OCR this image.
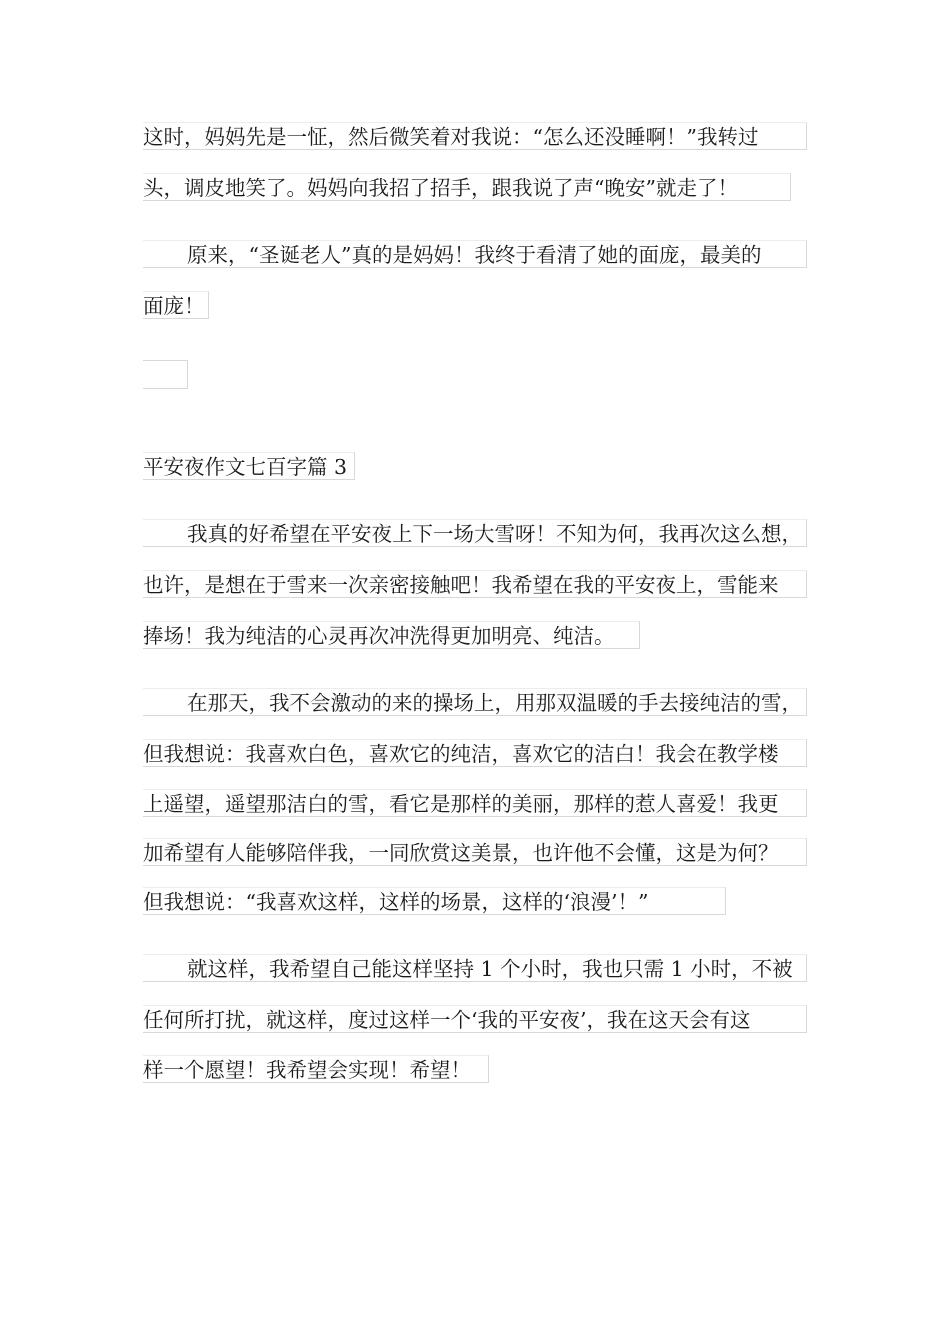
这时，妈妈先是一怔，然后微笑着对我说：“怎么还没睡啊！”我转过
头，调皮地笑了。妈妈向我招了招手，跟我说了声“晚安”就走了！
原来，“圣诞老人”真的是妈妈！我终于看清了她的面庞，最美的
面庞！
平安夜作文七百字篇 3
我真的好希望在平安夜上下一场大雪呀！不知为何，我再次这么想，
也许，是想在于雪来一次亲密接触吧！我希望在我的平安夜上，雪能来
捧场！我为纯洁的心灵再次冲洗得更加明亮、纯洁。
在那天，我不会激动的来的操场上，用那双温暖的手去接纯洁的雪，
但我想说：我喜欢白色，喜欢它的纯洁，喜欢它的洁白！我会在教学楼
上遥望，遥望那洁白的雪，看它是那样的美丽，那样的惹人喜爱！我更
加希望有人能够陪伴我，一同欣赏这美景，也许他不会懂，这是为何？
但我想说：“我喜欢这样，这样的场景，这样的‘浪漫’！”
就这样，我希望自己能这样坚持 1 个小时，我也只需 1 小时，不被
任何所打扰，就这样，度过这样一个‘我的平安夜’，我在这天会有这
样一个愿望！我希望会实现！希望！
